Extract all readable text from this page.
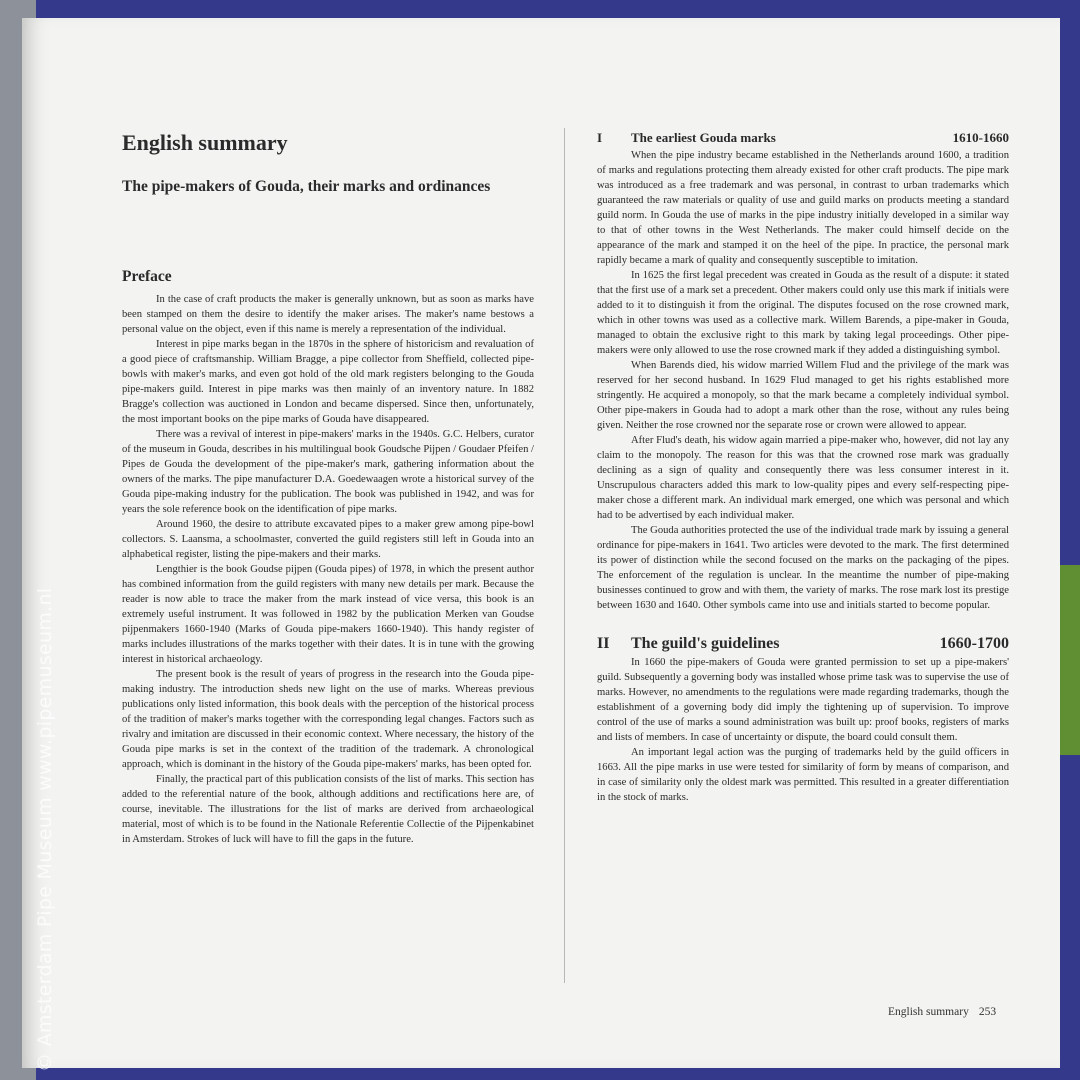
English summary
The pipe-makers of Gouda, their marks and ordinances
Preface

In the case of craft products the maker is generally unknown, but as soon as marks have been stamped on them the desire to identify the maker arises. The maker's name bestows a personal value on the object, even if this name is merely a representation of the individual.

Interest in pipe marks began in the 1870s in the sphere of historicism and revaluation of a good piece of craftsmanship. William Bragge, a pipe collector from Sheffield, collected pipe-bowls with maker's marks, and even got hold of the old mark registers belonging to the Gouda pipe-makers guild. Interest in pipe marks was then mainly of an inventory nature. In 1882 Bragge's collection was auctioned in London and became dispersed. Since then, unfortunately, the most important books on the pipe marks of Gouda have disappeared.

There was a revival of interest in pipe-makers' marks in the 1940s. G.C. Helbers, curator of the museum in Gouda, describes in his multilingual book Goudsche Pijpen / Goudaer Pfeifen / Pipes de Gouda the development of the pipe-maker's mark, gathering information about the owners of the marks. The pipe manufacturer D.A. Goedewaagen wrote a historical survey of the Gouda pipe-making industry for the publication. The book was published in 1942, and was for years the sole reference book on the identification of pipe marks.

Around 1960, the desire to attribute excavated pipes to a maker grew among pipe-bowl collectors. S. Laansma, a schoolmaster, converted the guild registers still left in Gouda into an alphabetical register, listing the pipe-makers and their marks.

Lengthier is the book Goudse pijpen (Gouda pipes) of 1978, in which the present author has combined information from the guild registers with many new details per mark. Because the reader is now able to trace the maker from the mark instead of vice versa, this book is an extremely useful instrument. It was followed in 1982 by the publication Merken van Goudse pijpenmakers 1660-1940 (Marks of Gouda pipe-makers 1660-1940). This handy register of marks includes illustrations of the marks together with their dates. It is in tune with the growing interest in historical archaeology.

The present book is the result of years of progress in the research into the Gouda pipe-making industry. The introduction sheds new light on the use of marks. Whereas previous publications only listed information, this book deals with the perception of the historical process of the tradition of maker's marks together with the corresponding legal changes. Factors such as rivalry and imitation are discussed in their economic context. Where necessary, the history of the Gouda pipe marks is set in the context of the tradition of the trademark. A chronological approach, which is dominant in the history of the Gouda pipe-makers' marks, has been opted for.

Finally, the practical part of this publication consists of the list of marks. This section has added to the referential nature of the book, although additions and rectifications here are, of course, inevitable. The illustrations for the list of marks are derived from archaeological material, most of which is to be found in the Nationale Referentie Collectie of the Pijpenkabinet in Amsterdam. Strokes of luck will have to fill the gaps in the future.

I The earliest Gouda marks	1610-1660

When the pipe industry became established in the Netherlands around 1600, a tradition of marks and regulations protecting them already existed for other craft products. The pipe mark was introduced as a free trademark and was personal, in contrast to urban trademarks which guaranteed the raw materials or quality of use and guild marks on products meeting a standard guild norm. In Gouda the use of marks in the pipe industry initially developed in a similar way to that of other towns in the West Netherlands. The maker could himself decide on the appearance of the mark and stamped it on the heel of the pipe. In practice, the personal mark rapidly became a mark of quality and consequently susceptible to imitation.

In 1625 the first legal precedent was created in Gouda as the result of a dispute: it stated that the first use of a mark set a precedent. Other makers could only use this mark if initials were added to it to distinguish it from the original. The disputes focused on the rose crowned mark, which in other towns was used as a collective mark. Willem Barends, a pipe-maker in Gouda, managed to obtain the exclusive right to this mark by taking legal proceedings. Other pipe-makers were only allowed to use the rose crowned mark if they added a distinguishing symbol.

When Barends died, his widow married Willem Flud and the privilege of the mark was reserved for her second husband. In 1629 Flud managed to get his rights established more stringently. He acquired a monopoly, so that the mark became a completely individual symbol. Other pipe-makers in Gouda had to adopt a mark other than the rose, without any rules being given. Neither the rose crowned nor the separate rose or crown were allowed to appear.

After Flud's death, his widow again married a pipe-maker who, however, did not lay any claim to the monopoly. The reason for this was that the crowned rose mark was gradually declining as a sign of quality and consequently there was less consumer interest in it. Unscrupulous characters added this mark to low-quality pipes and every self-respecting pipe-maker chose a different mark. An individual mark emerged, one which was personal and which had to be advertised by each individual maker.

The Gouda authorities protected the use of the individual trade mark by issuing a general ordinance for pipe-makers in 1641. Two articles were devoted to the mark. The first determined its power of distinction while the second focused on the marks on the packaging of the pipes. The enforcement of the regulation is unclear. In the meantime the number of pipe-making businesses continued to grow and with them, the variety of marks. The rose mark lost its prestige between 1630 and 1640. Other symbols came into use and initials started to become popular.

II The guild's guidelines	1660-1700

In 1660 the pipe-makers of Gouda were granted permission to set up a pipe-makers' guild. Subsequently a governing body was installed whose prime task was to supervise the use of marks. However, no amendments to the regulations were made regarding trademarks, though the establishment of a governing body did imply the tightening up of supervision. To improve control of the use of marks a sound administration was built up: proof books, registers of marks and lists of members. In case of uncertainty or dispute, the board could consult them.

An important legal action was the purging of trademarks held by the guild officers in 1663. All the pipe marks in use were tested for similarity of form by means of comparison, and in case of similarity only the oldest mark was permitted. This resulted in a greater differentiation in the stock of marks.

English summary 253
© Amsterdam Pipe Museum www.pipemuseum.nl
